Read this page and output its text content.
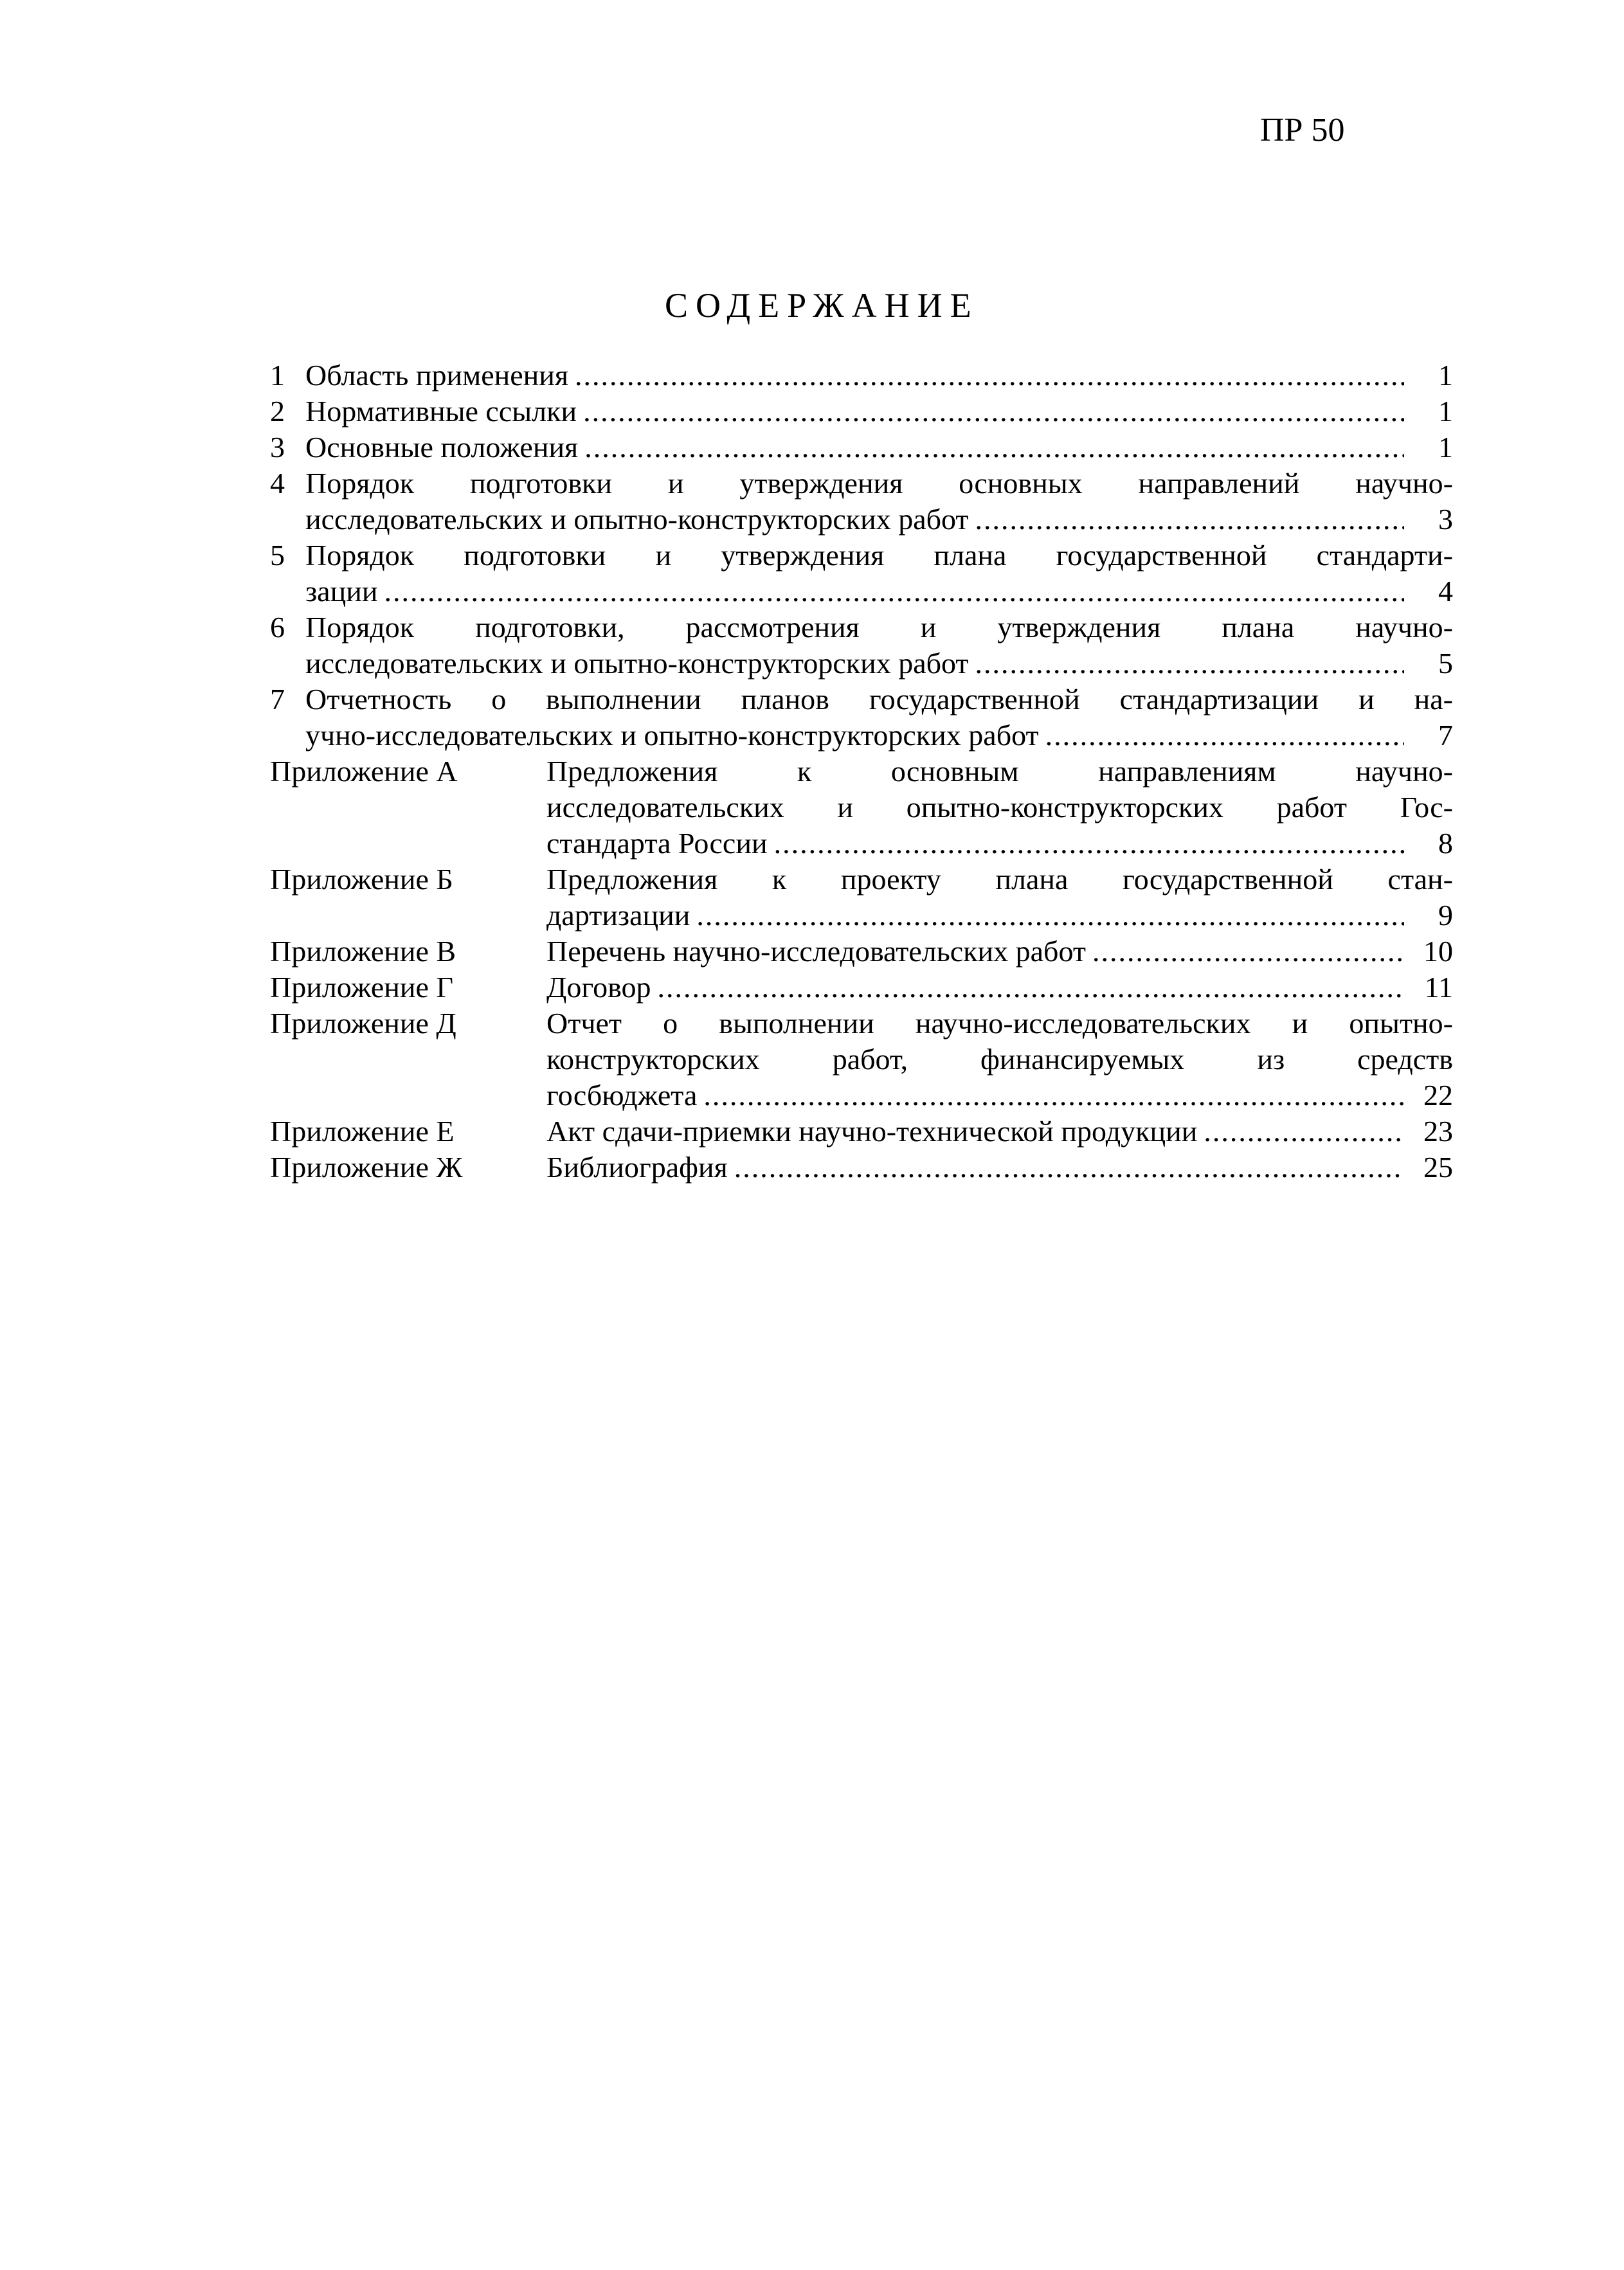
ПР 50
СОДЕРЖАНИЕ
1 Область применения .....	1
2 Нормативные ссылки .....	1
3 Основные положения .....	1
4 Порядок подготовки и утверждения основных направлений научно-
исследовательских и опытно-конструкторских работ .....	3
5 Порядок подготовки и утверждения плана государственной стандарти-
зации .....	4
6 Порядок подготовки, рассмотрения и утверждения плана научно-
исследовательских и опытно-конструкторских работ .....	5
7 Отчетность о выполнении планов государственной стандартизации и на-
учно-исследовательских и опытно-конструкторских работ .....	7
Приложение А	Предложения к основным направлениям научно-
исследовательских и опытно-конструкторских работ Гос-
стандарта России .....	8
Приложение Б	Предложения к проекту плана государственной стан-
дартизации .....	9
Приложение В	Перечень научно-исследовательских работ .....	10
Приложение Г	Договор .....	11
Приложение Д	Отчет о выполнении научно-исследовательских и опытно-
конструкторских работ, финансируемых из средств
госбюджета .....	22
Приложение Е	Акт сдачи-приемки научно-технической продукции .....	23
Приложение Ж	Библиография .....	25
